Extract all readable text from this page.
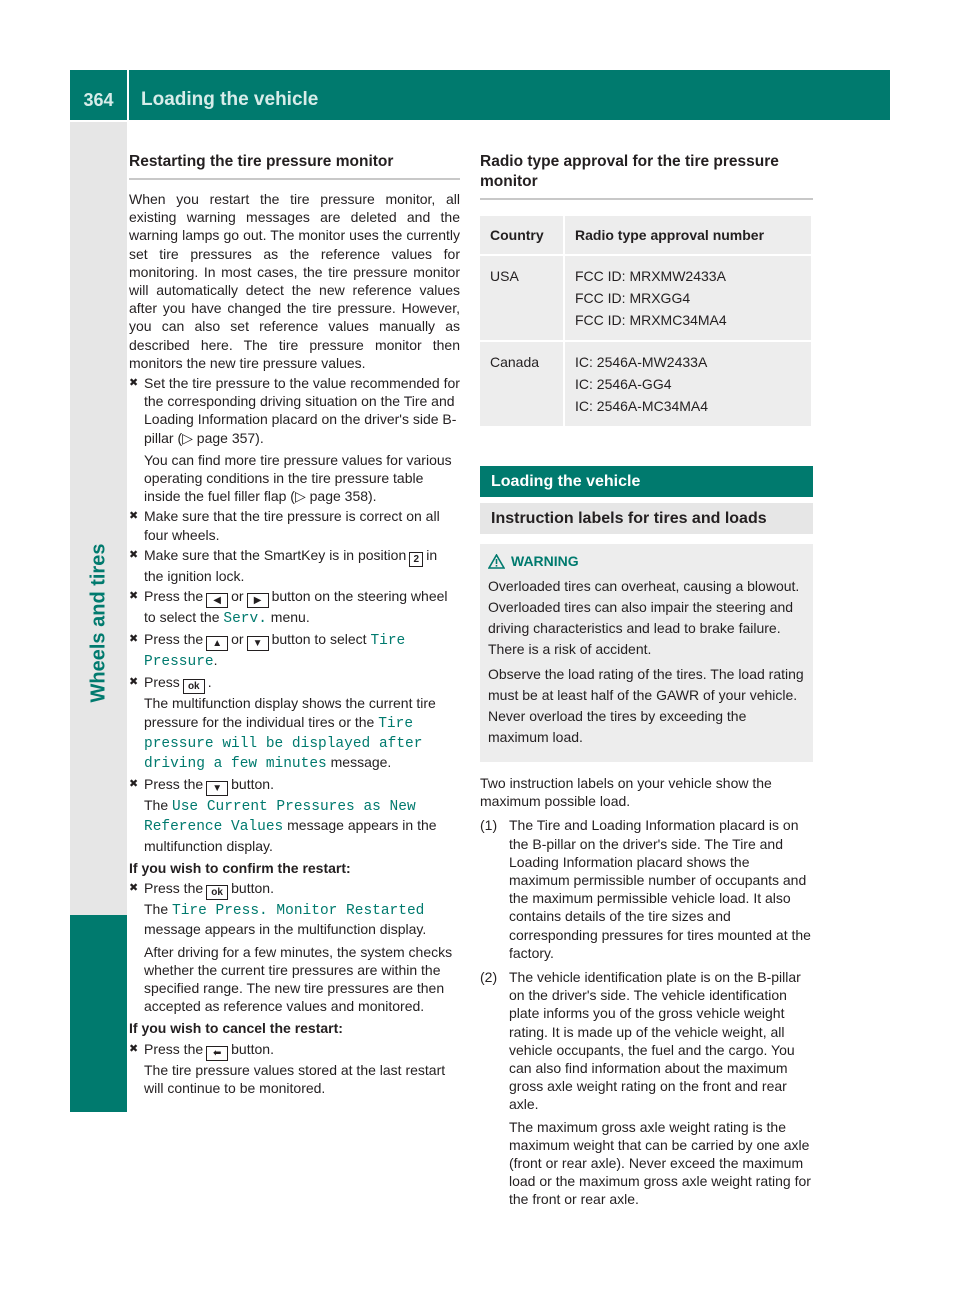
364	Loading the vehicle
Wheels and tires
Restarting the tire pressure monitor

When you restart the tire pressure monitor, all existing warning messages are deleted and the warning lamps go out. The monitor uses the currently set tire pressures as the reference values for monitoring. In most cases, the tire pressure monitor will automatically detect the new reference values after you have changed the tire pressure. However, you can also set reference values manually as described here. The tire pressure monitor then monitors the new tire pressure values.

✖ Set the tire pressure to the value recommended for the corresponding driving situation on the Tire and Loading Information placard on the driver's side B-pillar (▷ page 357).

You can find more tire pressure values for various operating conditions in the tire pressure table inside the fuel filler flap (▷ page 358).

✖ Make sure that the tire pressure is correct on all four wheels.
✖ Make sure that the SmartKey is in position 2 in the ignition lock.
✖ Press the ◀ or ▶ button on the steering wheel to select the Serv. menu.
✖ Press the ▲ or ▼ button to select Tire Pressure.
✖ Press ok .
The multifunction display shows the current tire pressure for the individual tires or the Tire pressure will be displayed after driving a few minutes message.
✖ Press the ▼ button.
The Use Current Pressures as New Reference Values message appears in the multifunction display.
If you wish to confirm the restart:
✖ Press the ok button.
The Tire Press. Monitor Restarted message appears in the multifunction display.

After driving for a few minutes, the system checks whether the current tire pressures are within the specified range. The new tire pressures are then accepted as reference values and monitored.

If you wish to cancel the restart:
✖ Press the ⬅ button.
The tire pressure values stored at the last restart will continue to be monitored.
Radio type approval for the tire pressure monitor
Country	Radio type approval number
USA	FCC ID: MRXMW2433A
FCC ID: MRXGG4
FCC ID: MRXMC34MA4

Canada	IC: 2546A-MW2433A
IC: 2546A-GG4
IC: 2546A-MC34MA4
Loading the vehicle
Instruction labels for tires and loads
WARNING

Overloaded tires can overheat, causing a blowout. Overloaded tires can also impair the steering and driving characteristics and lead to brake failure. There is a risk of accident.

Observe the load rating of the tires. The load rating must be at least half of the GAWR of your vehicle. Never overload the tires by exceeding the maximum load.

Two instruction labels on your vehicle show the maximum possible load.

(1) The Tire and Loading Information placard is on the B-pillar on the driver's side. The Tire and Loading Information placard shows the maximum permissible number of occupants and the maximum permissible vehicle load. It also contains details of the tire sizes and corresponding pressures for tires mounted at the factory.
(2) The vehicle identification plate is on the B-pillar on the driver's side. The vehicle identification plate informs you of the gross vehicle weight rating. It is made up of the vehicle weight, all vehicle occupants, the fuel and the cargo. You can also find information about the maximum gross axle weight rating on the front and rear axle.

The maximum gross axle weight rating is the maximum weight that can be carried by one axle (front or rear axle). Never exceed the maximum load or the maximum gross axle weight rating for the front or rear axle.
